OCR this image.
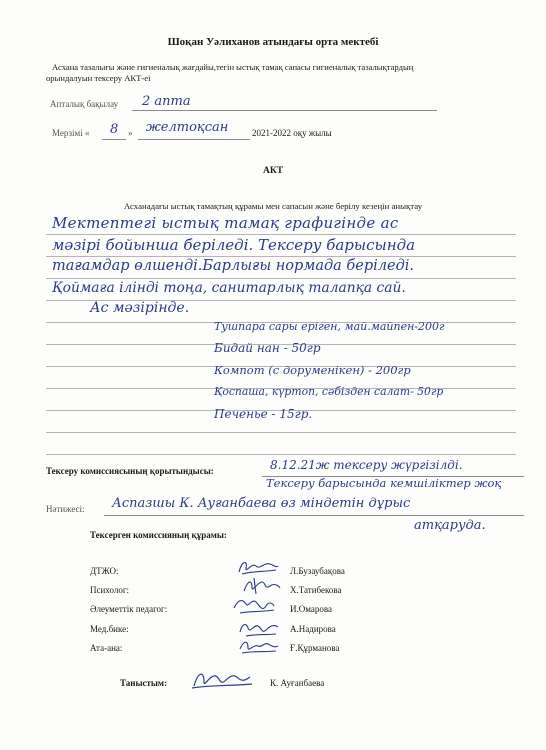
Шоқан Уәлиханов атындағы орта мектебі
Асхана тазалығы және гигиеналық жағдайы,тегін ыстық тамақ сапасы гигиеналық тазалықтардың
орындалуын тексеру АКТ-еі
Апталық бақылау 2 апта
Мерзімі « 8 » желтоқсан	2021-2022 оқу жылы
АКТ
Асханадағы ыстық тамақтың құрамы мен сапасын және берілу кезеңін анықтау
Мектептегі ыстық тамақ графигінде ас
мәзірі бойынша беріледі. Тексеру барысында
тағамдар өлшенді.Барлығы нормада беріледі.
Қоймаға ілінді тоңа, санитарлық талапқа сай.
Ас мәзірінде.
Тушпара сары еріген, май.майпен-200г
Бидай нан - 50гр
Компот (с доруменікен) - 200гр
Қоспаша, күртоп, сәбізден салат- 50гр
Печенье - 15гр.
Тексеру комиссиясының қорытындысы:	8.12.21ж тексеру жүргізілді.
Тексеру барысында кемшіліктер жоқ
Нәтижесі: Аспазшы К. Ауғанбаева өз міндетін дұрыс
атқаруда.
Тексерген комиссияның құрамы:
ДТЖО:	Л.Бузаубақова
Психолог:	Х.Татибекова
Әлеуметтік педагог:	И.Омарова
Мед.бике:	А.Надирова
Ата-ана:	Ғ.Құрманова
Таныстым:	К. Ауғанбаева
